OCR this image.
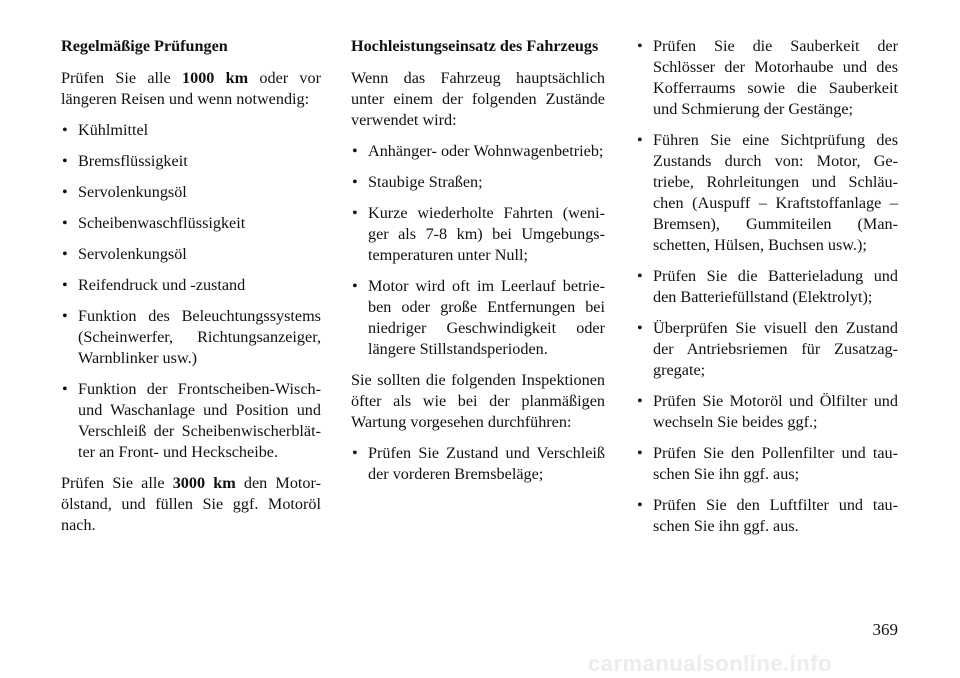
Regelmäßige Prüfungen

Prüfen Sie alle 1000 km oder vor längeren Reisen und wenn notwendig:

• Kühlmittel
• Bremsflüssigkeit
• Servolenkungsöl
• Scheibenwaschflüssigkeit
• Servolenkungsöl
• Reifendruck und -zustand
• Funktion des Beleuchtungssystems (Scheinwerfer, Richtungsanzeiger, Warnblinker usw.)
• Funktion der Frontscheiben-Wisch- und Waschanlage und Position und Verschleiß der Scheibenwischerblät- ter an Front- und Heckscheibe.

Prüfen Sie alle 3000 km den Motor- ölstand, und füllen Sie ggf. Motoröl nach.

Hochleistungseinsatz des Fahrzeugs

Wenn das Fahrzeug hauptsächlich unter einem der folgenden Zustände verwendet wird:

• Anhänger- oder Wohnwagenbetrieb;
• Staubige Straßen;
• Kurze wiederholte Fahrten (weni- ger als 7-8 km) bei Umgebungs- temperaturen unter Null;
• Motor wird oft im Leerlauf betrie- ben oder große Entfernungen bei niedriger Geschwindigkeit oder längere Stillstandsperioden.

Sie sollten die folgenden Inspektionen öfter als wie bei der planmäßigen Wartung vorgesehen durchführen:

• Prüfen Sie Zustand und Verschleiß der vorderen Bremsbeläge;
• Prüfen Sie die Sauberkeit der Schlösser der Motorhaube und des Kofferraums sowie die Sauberkeit und Schmierung der Gestänge;
• Führen Sie eine Sichtprüfung des Zustands durch von: Motor, Ge- triebe, Rohrleitungen und Schläu- chen (Auspuff – Kraftstoffanlage – Bremsen), Gummiteilen (Man- schetten, Hülsen, Buchsen usw.);
• Prüfen Sie die Batterieladung und den Batteriefüllstand (Elektrolyt);
• Überprüfen Sie visuell den Zustand der Antriebsriemen für Zusatzag- gregate;
• Prüfen Sie Motoröl und Ölfilter und wechseln Sie beides ggf.;
• Prüfen Sie den Pollenfilter und tau- schen Sie ihn ggf. aus;
• Prüfen Sie den Luftfilter und tau- schen Sie ihn ggf. aus.
369
carmanualsonline.info
